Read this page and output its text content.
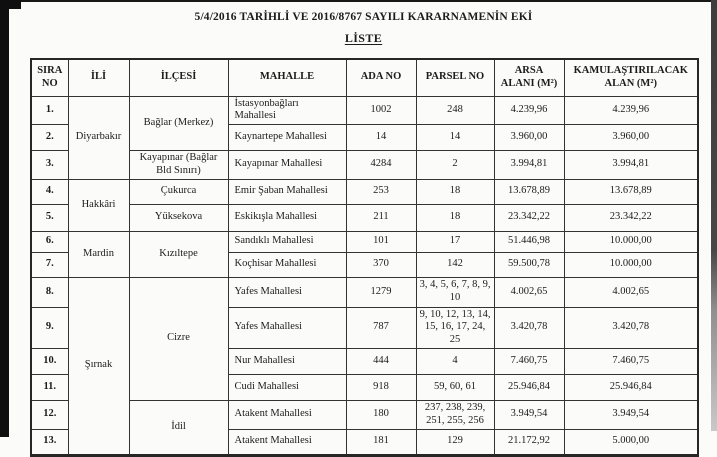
5/4/2016 TARİHLİ VE 2016/8767 SAYILI KARARNAMENİN EKİ
LİSTE
SIRA NO	İLİ	İLÇESİ	MAHALLE	ADA NO	PARSEL NO	ARSA ALANI (M²)	KAMULAŞTIRILACAK ALAN (M²)
1.	Diyarbakır	Bağlar (Merkez)	İstasyonbağları Mahallesi	1002	248	4.239,96	4.239,96
2.			Kaynartepe Mahallesi	14	14	3.960,00	3.960,00
3.		Kayapınar (Bağlar Bld Sınırı)	Kayapınar Mahallesi	4284	2	3.994,81	3.994,81
4.	Hakkâri	Çukurca	Emir Şaban Mahallesi	253	18	13.678,89	13.678,89
5.		Yüksekova	Eskikışla Mahallesi	211	18	23.342,22	23.342,22
6.	Mardin	Kızıltepe	Sandıklı Mahallesi	101	17	51.446,98	10.000,00
7.			Koçhisar Mahallesi	370	142	59.500,78	10.000,00
8.	Şırnak	Cizre	Yafes Mahallesi	1279	3, 4, 5, 6, 7, 8, 9, 10	4.002,65	4.002,65
9.			Yafes Mahallesi	787	9, 10, 12, 13, 14, 15, 16, 17, 24, 25	3.420,78	3.420,78
10.			Nur Mahallesi	444	4	7.460,75	7.460,75
11.			Cudi Mahallesi	918	59, 60, 61	25.946,84	25.946,84
12.		İdil	Atakent Mahallesi	180	237, 238, 239, 251, 255, 256	3.949,54	3.949,54
13.			Atakent Mahallesi	181	129	21.172,92	5.000,00
